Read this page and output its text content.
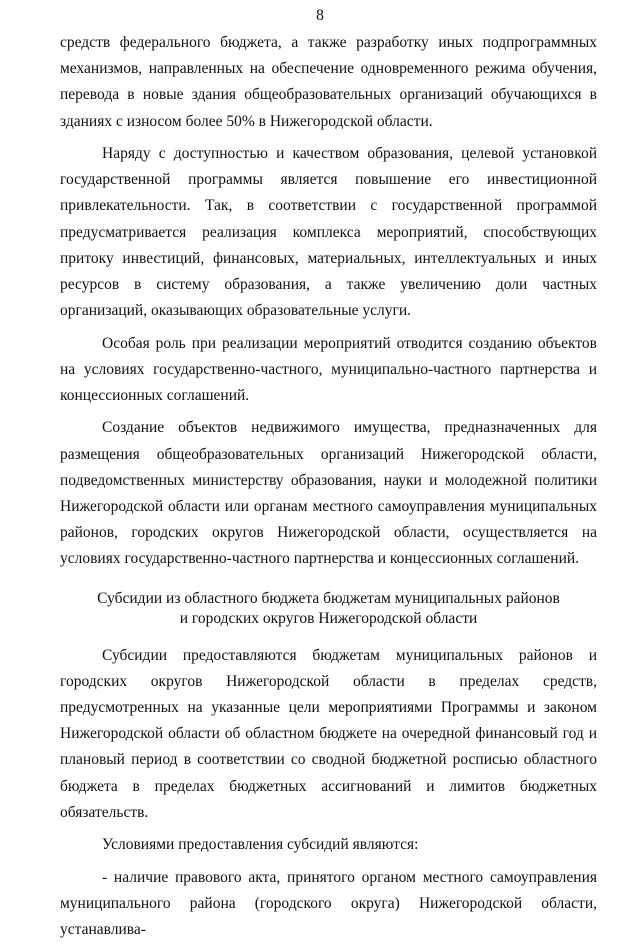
8

средств федерального бюджета, а также разработку иных подпрограммных механизмов, направленных на обеспечение одновременного режима обучения, перевода в новые здания общеобразовательных организаций обучающихся в зданиях с износом более 50% в Нижегородской области.

Наряду с доступностью и качеством образования, целевой установкой государственной программы является повышение его инвестиционной привлекательности. Так, в соответствии с государственной программой предусматривается реализация комплекса мероприятий, способствующих притоку инвестиций, финансовых, материальных, интеллектуальных и иных ресурсов в систему образования, а также увеличению доли частных организаций, оказывающих образовательные услуги.

Особая роль при реализации мероприятий отводится созданию объектов на условиях государственно-частного, муниципально-частного партнерства и концессионных соглашений.

Создание объектов недвижимого имущества, предназначенных для размещения общеобразовательных организаций Нижегородской области, подведомственных министерству образования, науки и молодежной политики Нижегородской области или органам местного самоуправления муниципальных районов, городских округов Нижегородской области, осуществляется на условиях государственно-частного партнерства и концессионных соглашений.

Субсидии из областного бюджета бюджетам муниципальных районов
и городских округов Нижегородской области

Субсидии предоставляются бюджетам муниципальных районов и городских округов Нижегородской области в пределах средств, предусмотренных на указанные цели мероприятиями Программы и законом Нижегородской области об областном бюджете на очередной финансовый год и плановый период в соответствии со сводной бюджетной росписью областного бюджета в пределах бюджетных ассигнований и лимитов бюджетных обязательств.

Условиями предоставления субсидий являются:

- наличие правового акта, принятого органом местного самоуправления муниципального района (городского округа) Нижегородской области, устанавлива-
